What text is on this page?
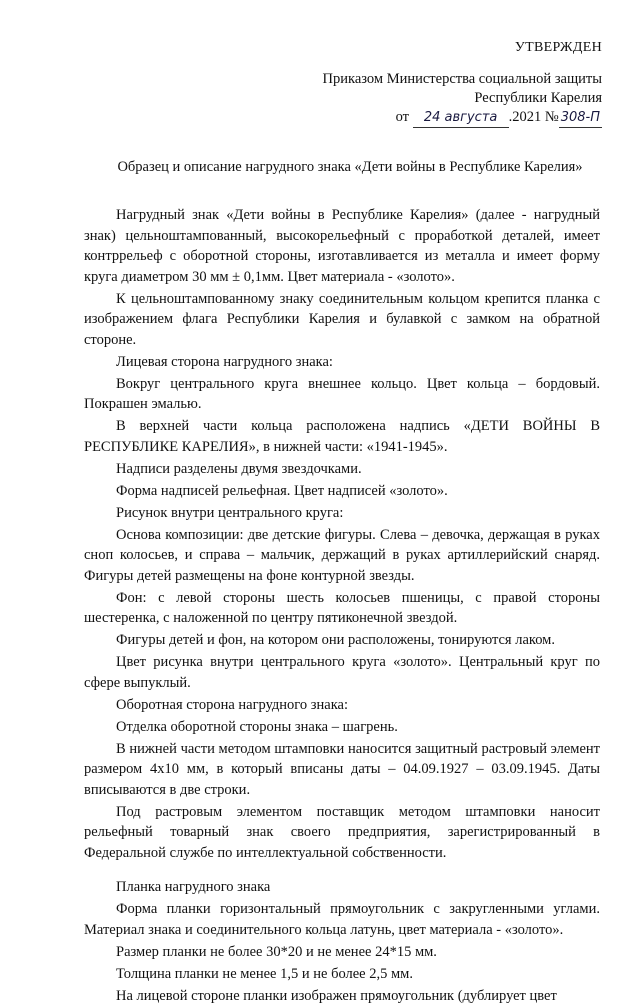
УТВЕРЖДЕН
Приказом Министерства социальной защиты
Республики Карелия
от 24 августа .2021 № 308-П
Образец и описание нагрудного знака «Дети войны в Республике Карелия»

Нагрудный знак «Дети войны в Республике Карелия» (далее - нагрудный знак) цельноштампованный, высокорельефный с проработкой деталей, имеет контррельеф с оборотной стороны, изготавливается из металла и имеет форму круга диаметром 30 мм ± 0,1мм. Цвет материала - «золото».

К цельноштампованному знаку соединительным кольцом крепится планка с изображением флага Республики Карелия и булавкой с замком на обратной стороне.

Лицевая сторона нагрудного знака:

Вокруг центрального круга внешнее кольцо. Цвет кольца – бордовый. Покрашен эмалью.

В верхней части кольца расположена надпись «ДЕТИ ВОЙНЫ В РЕСПУБЛИКЕ КАРЕЛИЯ», в нижней части: «1941-1945».

Надписи разделены двумя звездочками.

Форма надписей рельефная. Цвет надписей «золото».

Рисунок внутри центрального круга:

Основа композиции: две детские фигуры. Слева – девочка, держащая в руках сноп колосьев, и справа – мальчик, держащий в руках артиллерийский снаряд. Фигуры детей размещены на фоне контурной звезды.

Фон: с левой стороны шесть колосьев пшеницы, с правой стороны шестеренка, с наложенной по центру пятиконечной звездой.

Фигуры детей и фон, на котором они расположены, тонируются лаком.

Цвет рисунка внутри центрального круга «золото». Центральный круг по сфере выпуклый.

Оборотная сторона нагрудного знака:

Отделка оборотной стороны знака – шагрень.

В нижней части методом штамповки наносится защитный растровый элемент размером 4х10 мм, в который вписаны даты – 04.09.1927 – 03.09.1945. Даты вписываются в две строки.

Под растровым элементом поставщик методом штамповки наносит рельефный товарный знак своего предприятия, зарегистрированный в Федеральной службе по интеллектуальной собственности.

Планка нагрудного знака

Форма планки горизонтальный прямоугольник с закругленными углами. Материал знака и соединительного кольца латунь, цвет материала - «золото».

Размер планки не более 30*20 и не менее 24*15 мм.

Толщина планки не менее 1,5 и не более 2,5 мм.

На лицевой стороне планки изображен прямоугольник (дублирует цвет
